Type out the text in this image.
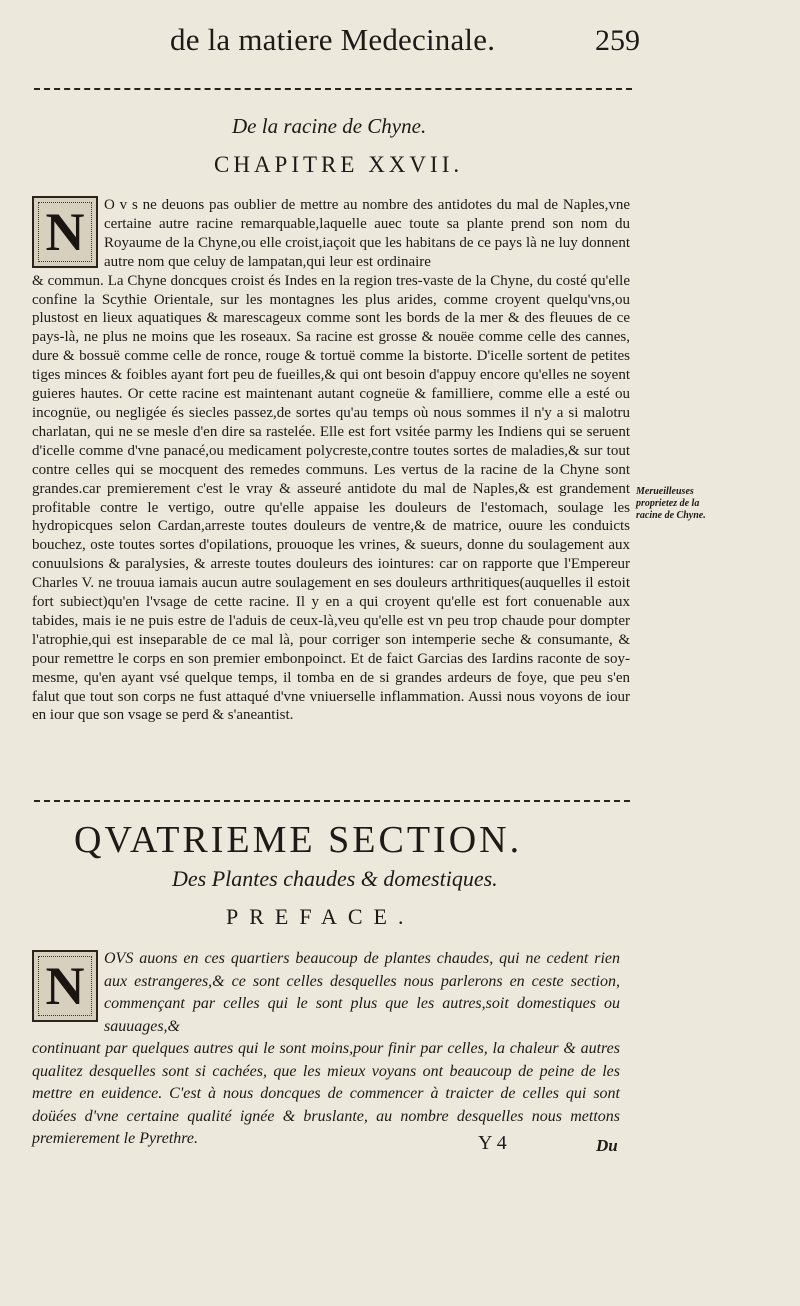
de la matiere Medecinale.	259
De la racine de Chyne.
CHAPITRE XXVII.
N	O v s ne deuons pas oublier de mettre au nombre des antidotes du mal de Naples,vne certaine autre racine remarquable,laquelle auec toute sa plante prend son nom du Royaume de la Chyne,ou elle croist,iaçoit que les habitans de ce pays là ne luy donnent autre nom que celuy de lampatan,qui leur est ordinaire
& commun. La Chyne doncques croist és Indes en la region tres-vaste de la Chyne, du costé qu'elle confine la Scythie Orientale, sur les montagnes les plus arides, comme croyent quelqu'vns,ou plustost en lieux aquatiques & marescageux comme sont les bords de la mer & des fleuues de ce pays-là, ne plus ne moins que les roseaux. Sa racine est grosse & nouëe comme celle des cannes, dure & bossuë comme celle de ronce, rouge & tortuë comme la bistorte. D'icelle sortent de petites tiges minces & foibles ayant fort peu de fueilles,& qui ont besoin d'appuy encore qu'elles ne soyent guieres hautes. Or cette racine est maintenant autant cogneüe & familliere, comme elle a esté ou incognüe, ou negligée és siecles passez,de sortes qu'au temps où nous sommes il n'y a si malotru charlatan, qui ne se mesle d'en dire sa rastelée. Elle est fort vsitée parmy les Indiens qui se seruent d'icelle comme d'vne panacé,ou medicament polycreste,contre toutes sortes de maladies,& sur tout contre celles qui se mocquent des remedes communs. Les vertus de la racine de la Chyne sont grandes.car premierement c'est le vray & asseuré antidote du mal de Naples,& est grandement profitable contre le vertigo, outre qu'elle appaise les douleurs de l'estomach, soulage les hydropicques selon Cardan,arreste toutes douleurs de ventre,& de matrice, ouure les conduicts bouchez, oste toutes sortes d'opilations, prouoque les vrines, & sueurs, donne du soulagement aux conuulsions & paralysies, & arreste toutes douleurs des iointures: car on rapporte que l'Empereur Charles V. ne trouua iamais aucun autre soulagement en ses douleurs arthritiques(auquelles il estoit fort subiect)qu'en l'vsage de cette racine. Il y en a qui croyent qu'elle est fort conuenable aux tabides, mais ie ne puis estre de l'aduis de ceux-là,veu qu'elle est vn peu trop chaude pour dompter l'atrophie,qui est inseparable de ce mal là, pour corriger son intemperie seche & consumante, & pour remettre le corps en son premier embonpoinct. Et de faict Garcias des Iardins raconte de soy-mesme, qu'en ayant vsé quelque temps, il tomba en de si grandes ardeurs de foye, que peu s'en falut que tout son corps ne fust attaqué d'vne vniuerselle inflammation. Aussi nous voyons de iour en iour que son vsage se perd & s'aneantist.
Merueilleuses proprietez de la racine de Chyne.
QVATRIEME SECTION.
Des Plantes chaudes & domestiques.
PREFACE.
N	OVS auons en ces quartiers beaucoup de plantes chaudes, qui ne cedent rien aux estrangeres,& ce sont celles desquelles nous parlerons en ceste section, commençant par celles qui le sont plus que les autres,soit domestiques ou sauuages,&
continuant par quelques autres qui le sont moins,pour finir par celles, la chaleur & autres qualitez desquelles sont si cachées, que les mieux voyans ont beaucoup de peine de les mettre en euidence. C'est à nous doncques de commencer à traicter de celles qui sont doüées d'vne certaine qualité ignée & bruslante, au nombre desquelles nous mettons premierement le Pyrethre.	Y 4	Du
